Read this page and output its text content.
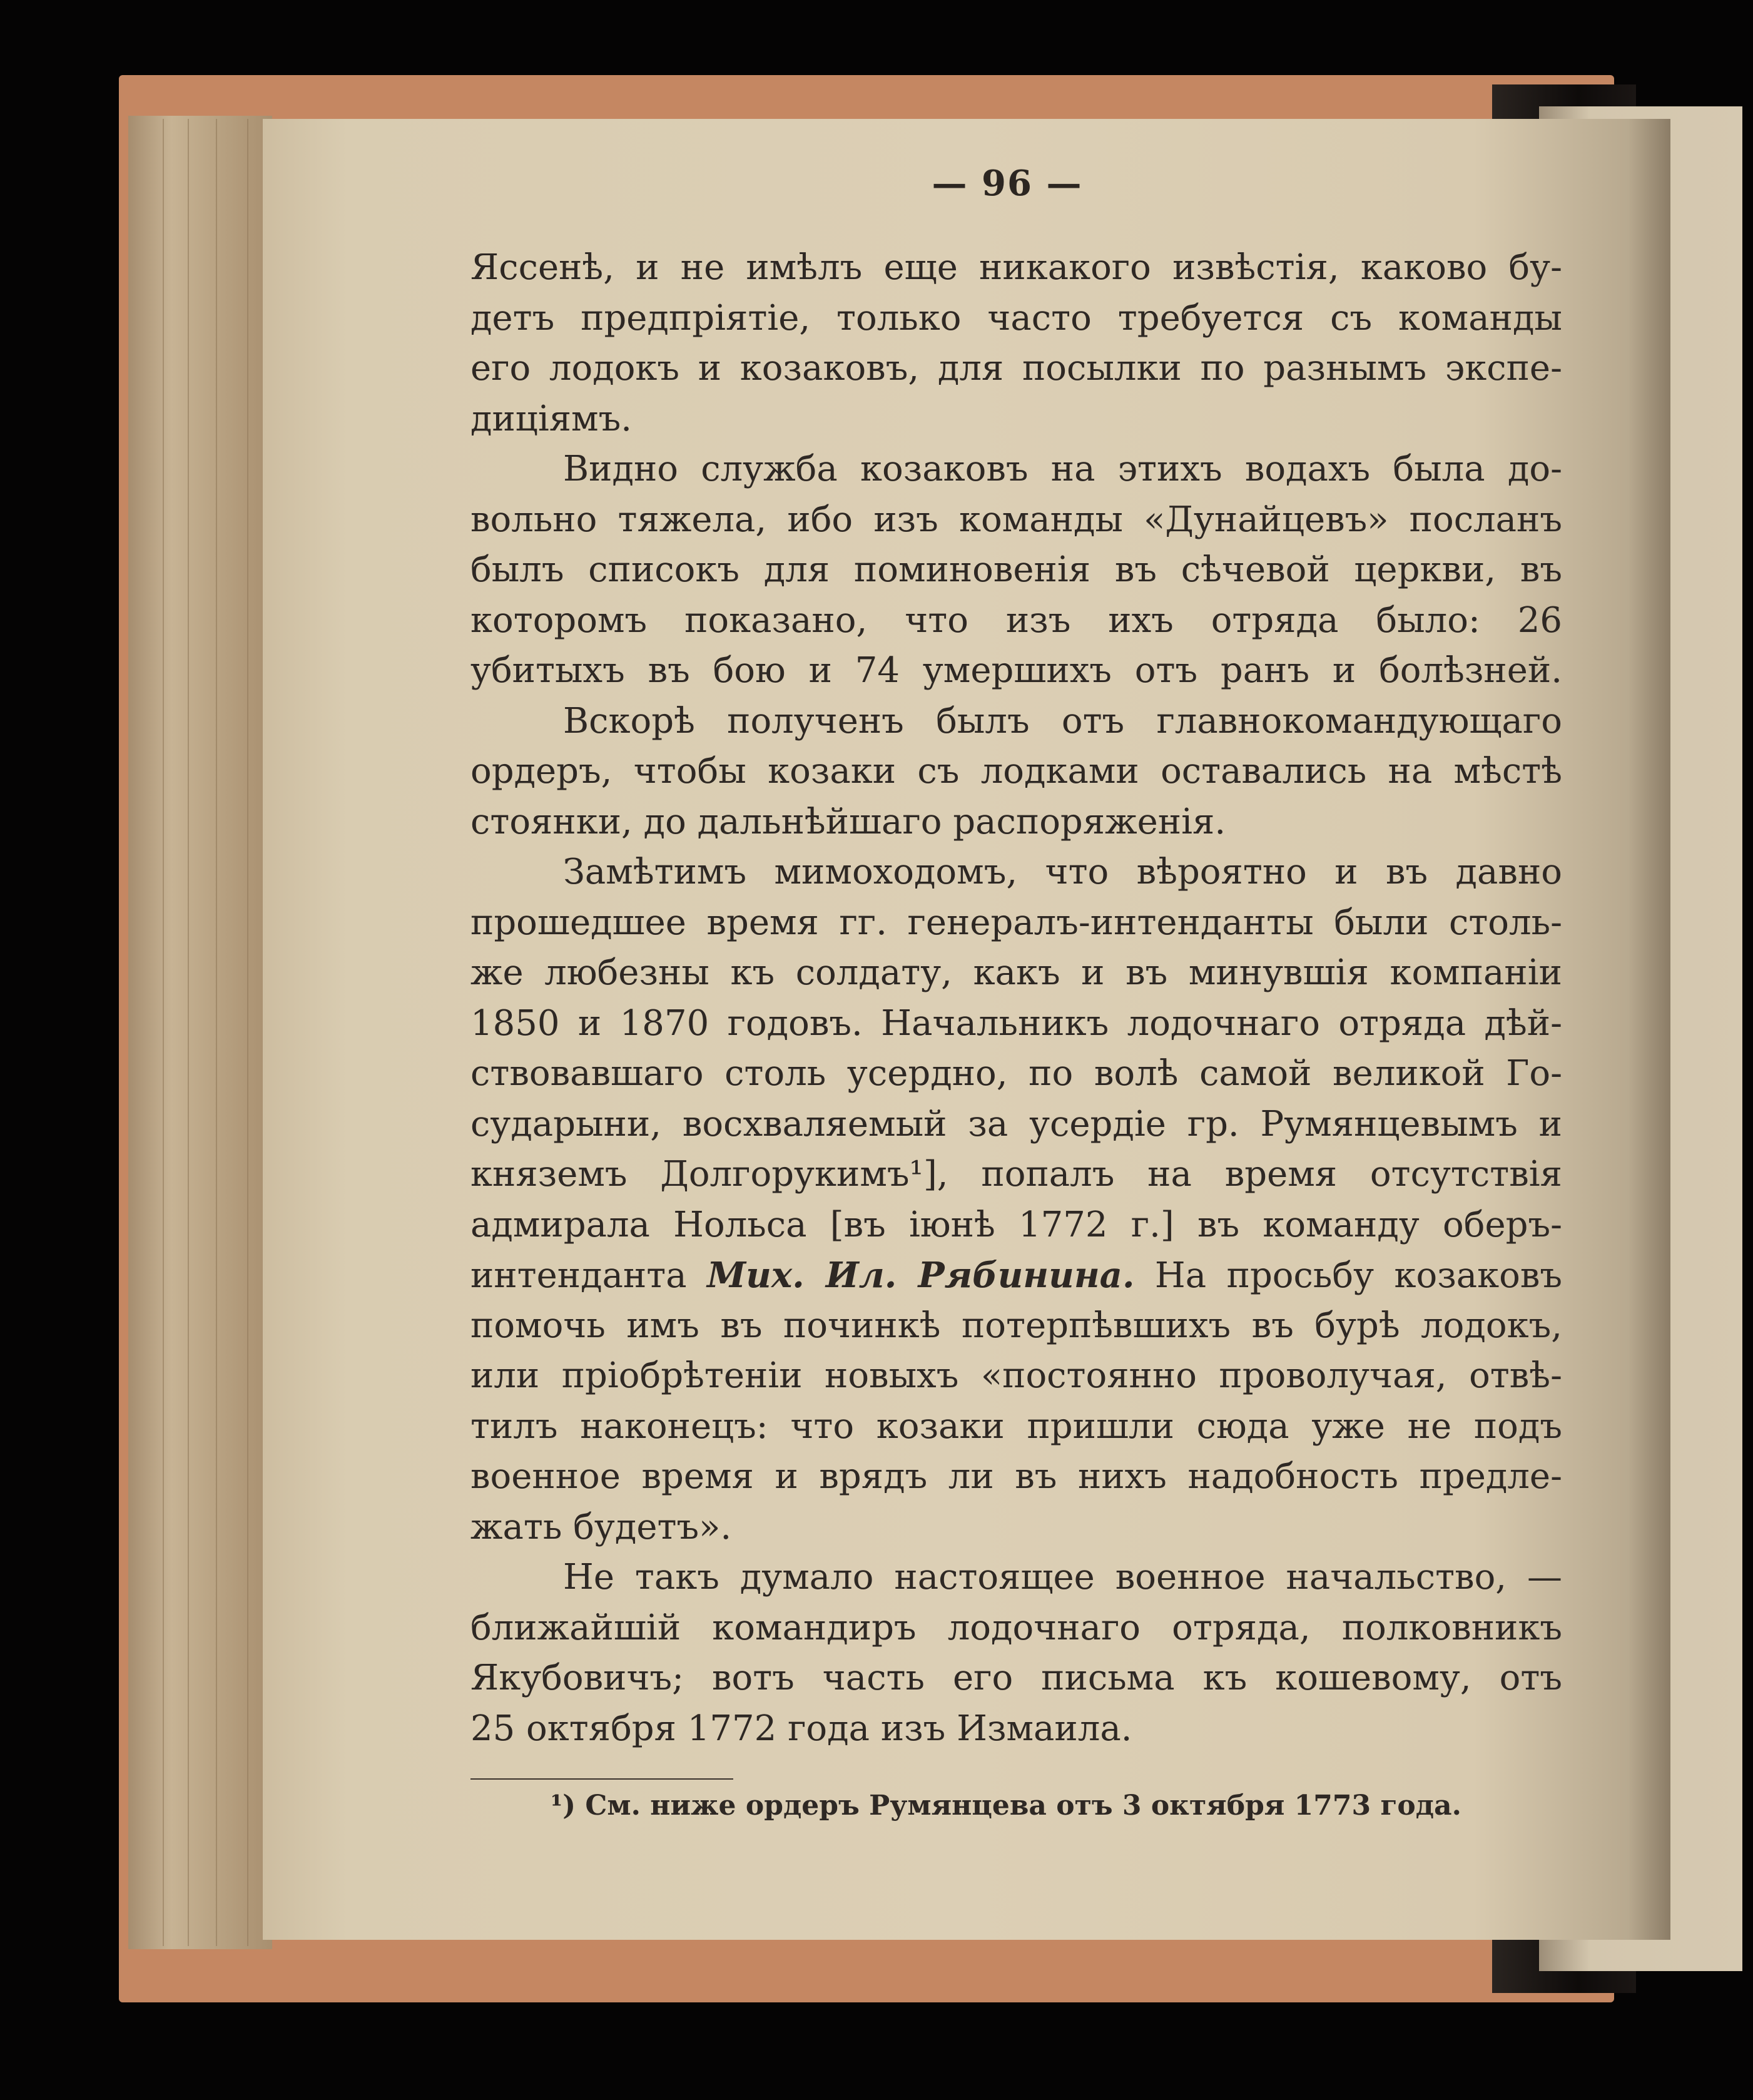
— 96 —
Яссенѣ, и не имѣлъ еще никакого извѣстія, каково бу-
детъ предпріятіе, только часто требуется съ команды
его лодокъ и козаковъ, для посылки по разнымъ экспе-
диціямъ.
Видно служба козаковъ на этихъ водахъ была до-
вольно тяжела, ибо изъ команды «Дунайцевъ» посланъ
былъ списокъ для поминовенія въ сѣчевой церкви, въ
которомъ показано, что изъ ихъ отряда было: 26
убитыхъ въ бою и 74 умершихъ отъ ранъ и болѣзней.
Вскорѣ полученъ былъ отъ главнокомандующаго
ордеръ, чтобы козаки съ лодками оставались на мѣстѣ
стоянки, до дальнѣйшаго распоряженія.
Замѣтимъ мимоходомъ, что вѣроятно и въ давно
прошедшее время гг. генералъ-интенданты были столь-
же любезны къ солдату, какъ и въ минувшія компаніи
1850 и 1870 годовъ. Начальникъ лодочнаго отряда дѣй-
ствовавшаго столь усердно, по волѣ самой великой Го-
сударыни, восхваляемый за усердіе гр. Румянцевымъ и
княземъ Долгорукимъ¹], попалъ на время отсутствія
адмирала Нольса [въ іюнѣ 1772 г.] въ команду оберъ-
интенданта Мих. Ил. Рябинина. На просьбу козаковъ
помочь имъ въ починкѣ потерпѣвшихъ въ бурѣ лодокъ,
или пріобрѣтеніи новыхъ «постоянно проволучая, отвѣ-
тилъ наконецъ: что козаки пришли сюда уже не подъ
военное время и врядъ ли въ нихъ надобность предле-
жать будетъ».
Не такъ думало настоящее военное начальство, —
ближайшій командиръ лодочнаго отряда, полковникъ
Якубовичъ; вотъ часть его письма къ кошевому, отъ
25 октября 1772 года изъ Измаила.
¹) См. ниже ордеръ Румянцева отъ 3 октября 1773 года.
